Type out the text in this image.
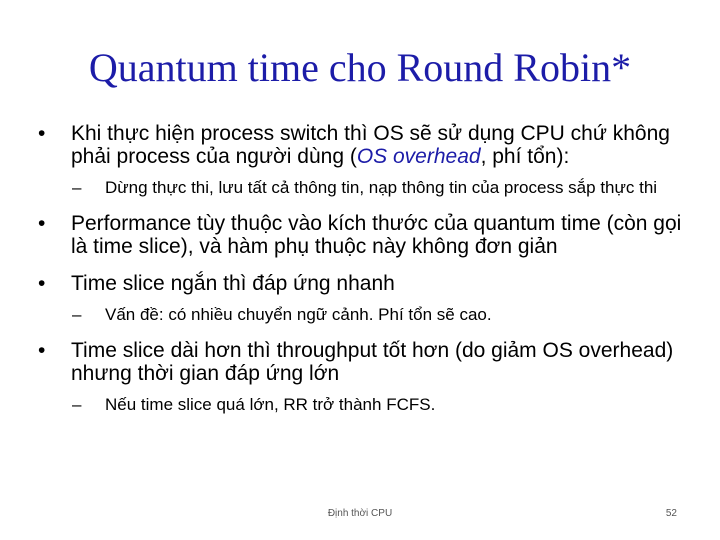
Quantum time cho Round Robin*
• Khi thực hiện process switch thì OS sẽ sử dụng CPU chứ không phải process của người dùng (OS overhead, phí tổn):
– Dừng thực thi, lưu tất cả thông tin, nạp thông tin của process sắp thực thi
• Performance tùy thuộc vào kích thước của quantum time (còn gọi là time slice), và hàm phụ thuộc này không đơn giản
• Time slice ngắn thì đáp ứng nhanh
– Vấn đề: có nhiều chuyển ngữ cảnh. Phí tổn sẽ cao.
• Time slice dài hơn thì throughput tốt hơn (do giảm OS overhead) nhưng thời gian đáp ứng lớn
– Nếu time slice quá lớn, RR trở thành FCFS.
Định thời CPU	52
